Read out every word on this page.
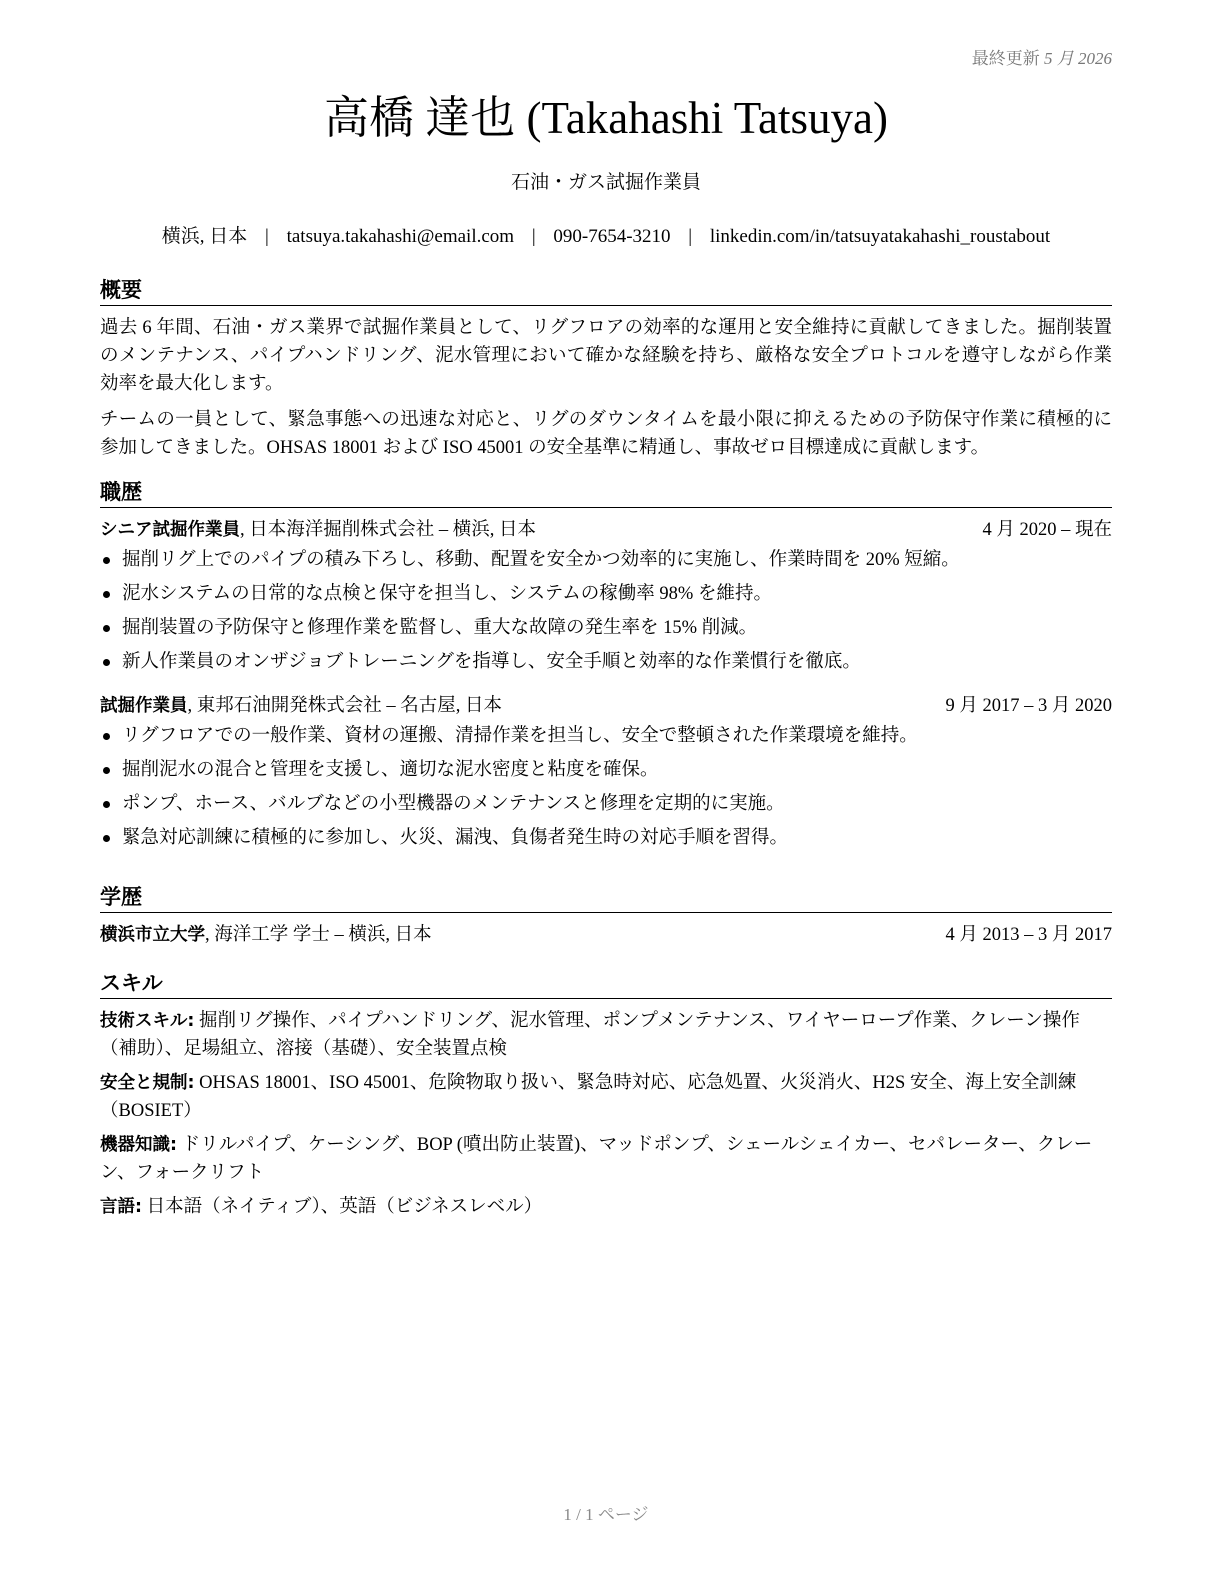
最終更新 5 月 2026
高橋 達也 (Takahashi Tatsuya)
石油・ガス試掘作業員
横浜, 日本 | tatsuya.takahashi@email.com | 090-7654-3210 | linkedin.com/in/tatsuyatakahashi_roustabout
概要

過去 6 年間、石油・ガス業界で試掘作業員として、リグフロアの効率的な運用と安全維持に貢献してきました。掘削装置のメンテナンス、パイプハンドリング、泥水管理において確かな経験を持ち、厳格な安全プロトコルを遵守しながら作業効率を最大化します。

チームの一員として、緊急事態への迅速な対応と、リグのダウンタイムを最小限に抑えるための予防保守作業に積極的に参加してきました。OHSAS 18001 および ISO 45001 の安全基準に精通し、事故ゼロ目標達成に貢献します。

職歴
シニア試掘作業員, 日本海洋掘削株式会社 – 横浜, 日本	4 月 2020 – 現在
掘削リグ上でのパイプの積み下ろし、移動、配置を安全かつ効率的に実施し、作業時間を 20% 短縮。
泥水システムの日常的な点検と保守を担当し、システムの稼働率 98% を維持。
掘削装置の予防保守と修理作業を監督し、重大な故障の発生率を 15% 削減。
新人作業員のオンザジョブトレーニングを指導し、安全手順と効率的な作業慣行を徹底。
試掘作業員, 東邦石油開発株式会社 – 名古屋, 日本	9 月 2017 – 3 月 2020
リグフロアでの一般作業、資材の運搬、清掃作業を担当し、安全で整頓された作業環境を維持。
掘削泥水の混合と管理を支援し、適切な泥水密度と粘度を確保。
ポンプ、ホース、バルブなどの小型機器のメンテナンスと修理を定期的に実施。
緊急対応訓練に積極的に参加し、火災、漏洩、負傷者発生時の対応手順を習得。
学歴
横浜市立大学, 海洋工学 学士 – 横浜, 日本	4 月 2013 – 3 月 2017
スキル

技術スキル: 掘削リグ操作、パイプハンドリング、泥水管理、ポンプメンテナンス、ワイヤーロープ作業、クレーン操作（補助）、足場組立、溶接（基礎）、安全装置点検

安全と規制: OHSAS 18001、ISO 45001、危険物取り扱い、緊急時対応、応急処置、火災消火、H2S 安全、海上安全訓練（BOSIET）

機器知識: ドリルパイプ、ケーシング、BOP (噴出防止装置)、マッドポンプ、シェールシェイカー、セパレーター、クレーン、フォークリフト

言語: 日本語（ネイティブ）、英語（ビジネスレベル）

1 / 1 ページ
